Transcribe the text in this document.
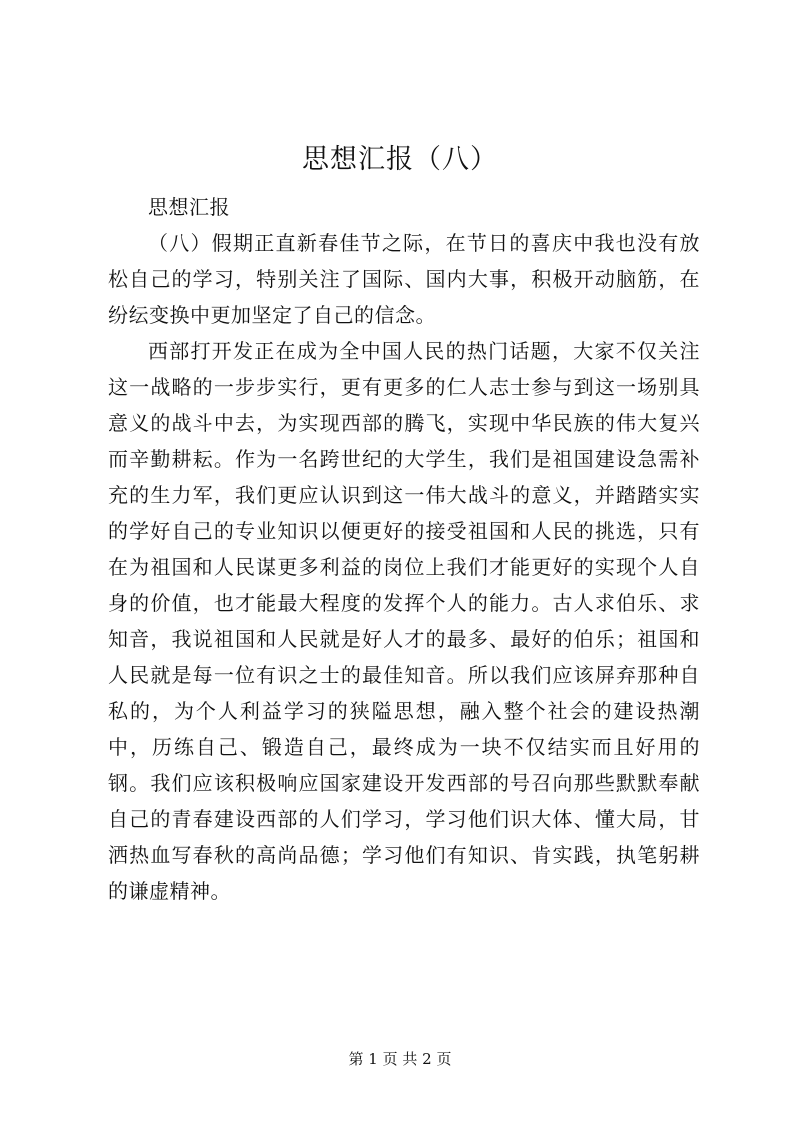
思想汇报（八）

思想汇报

（八）假期正直新春佳节之际，在节日的喜庆中我也没有放松自己的学习，特别关注了国际、国内大事，积极开动脑筋，在纷纭变换中更加坚定了自己的信念。

西部打开发正在成为全中国人民的热门话题，大家不仅关注这一战略的一步步实行，更有更多的仁人志士参与到这一场别具意义的战斗中去，为实现西部的腾飞，实现中华民族的伟大复兴而辛勤耕耘。作为一名跨世纪的大学生，我们是祖国建设急需补充的生力军，我们更应认识到这一伟大战斗的意义，并踏踏实实的学好自己的专业知识以便更好的接受祖国和人民的挑选，只有在为祖国和人民谋更多利益的岗位上我们才能更好的实现个人自身的价值，也才能最大程度的发挥个人的能力。古人求伯乐、求知音，我说祖国和人民就是好人才的最多、最好的伯乐；祖国和人民就是每一位有识之士的最佳知音。所以我们应该屏弃那种自私的，为个人利益学习的狭隘思想，融入整个社会的建设热潮中，历练自己、锻造自己，最终成为一块不仅结实而且好用的钢。我们应该积极响应国家建设开发西部的号召向那些默默奉献自己的青春建设西部的人们学习，学习他们识大体、懂大局，甘洒热血写春秋的高尚品德；学习他们有知识、肯实践，执笔躬耕的谦虚精神。

第 1 页 共 2 页
